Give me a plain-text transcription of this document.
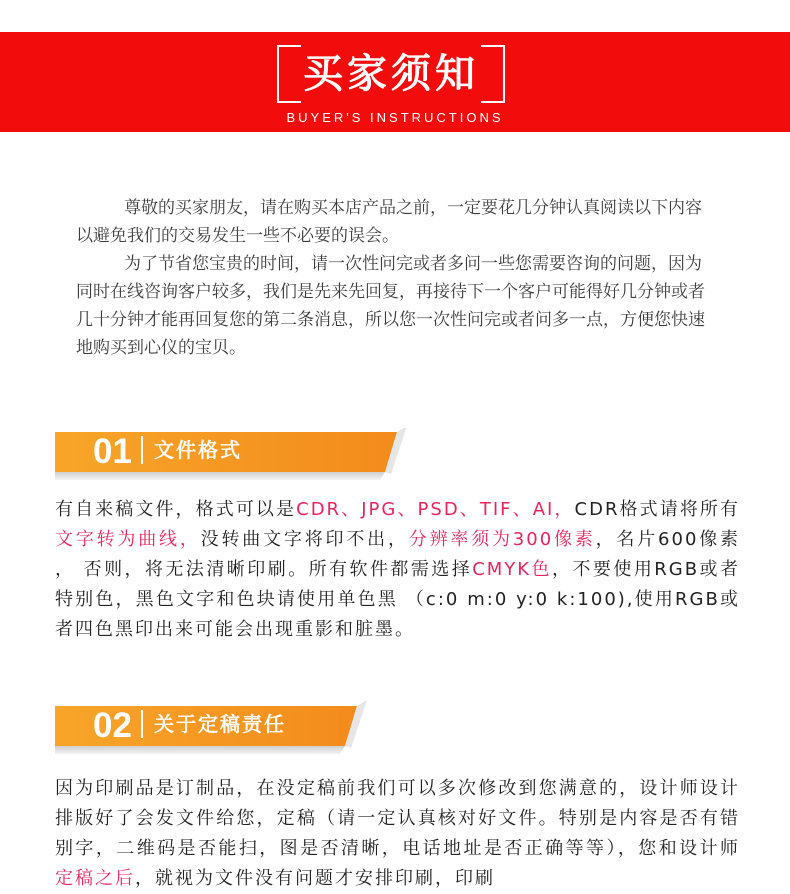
买家须知
BUYER'S INSTRUCTIONS

尊敬的买家朋友，请在购买本店产品之前，一定要花几分钟认真阅读以下内容以避免我们的交易发生一些不必要的误会。

为了节省您宝贵的时间，请一次性问完或者多问一些您需要咨询的问题，因为同时在线咨询客户较多，我们是先来先回复，再接待下一个客户可能得好几分钟或者几十分钟才能再回复您的第二条消息，所以您一次性问完或者问多一点，方便您快速地购买到心仪的宝贝。

01 文件格式
有自来稿文件，格式可以是CDR、JPG、PSD、TIF、AI，CDR格式请将所有文字转为曲线，没转曲文字将印不出，分辨率须为300像素，名片600像素 ， 否则，将无法清晰印刷。所有软件都需选择CMYK色，不要使用RGB或者特别色，黑色文字和色块请使用单色黑 （c:0 m:0 y:0 k:100),使用RGB或者四色黑印出来可能会出现重影和脏墨。
02 关于定稿责任
因为印刷品是订制品，在没定稿前我们可以多次修改到您满意的，设计师设计排版好了会发文件给您，定稿（请一定认真核对好文件。特别是内容是否有错别字，二维码是否能扫，图是否清晰，电话地址是否正确等等），您和设计师定稿之后，就视为文件没有问题才安排印刷，印刷
